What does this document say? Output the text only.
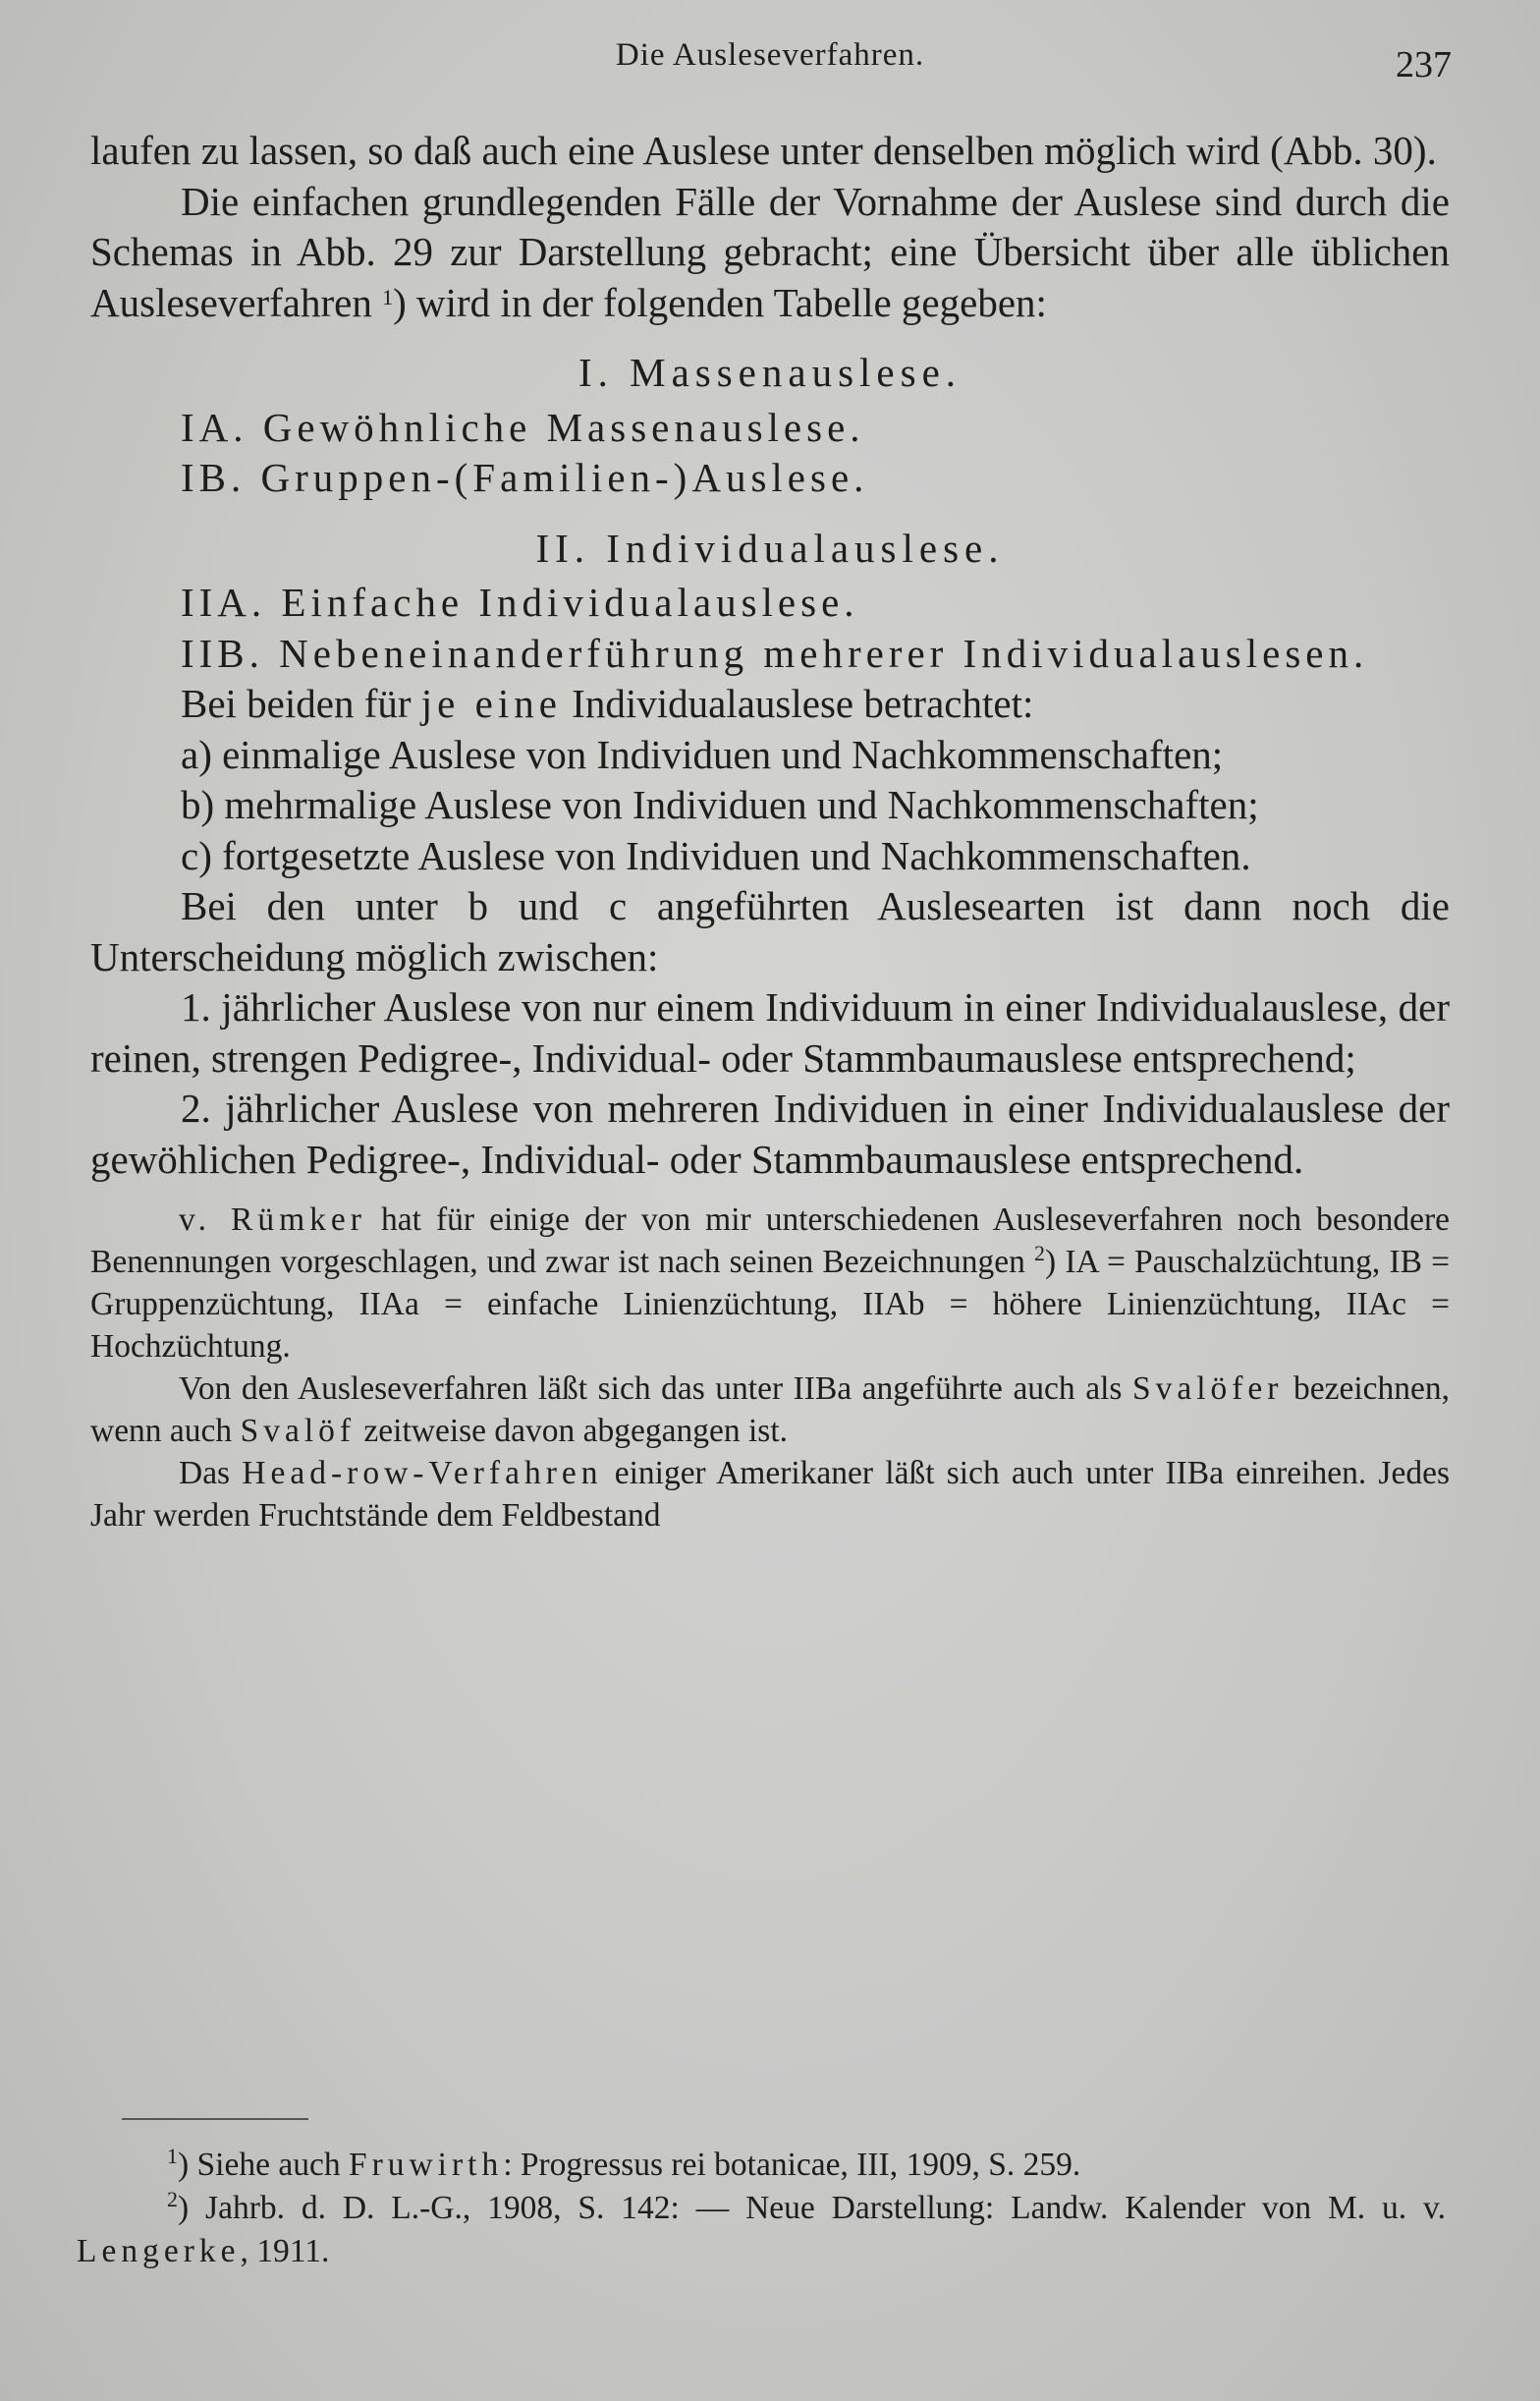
Die Ausleseverfahren.	237

laufen zu lassen, so daß auch eine Auslese unter denselben möglich wird (Abb. 30).

Die einfachen grundlegenden Fälle der Vornahme der Auslese sind durch die Schemas in Abb. 29 zur Darstellung gebracht; eine Übersicht über alle üblichen Ausleseverfahren $^1$) wird in der folgenden Tabelle gegeben:

I. Massenauslese.

IA. Gewöhnliche Massenauslese.

IB. Gruppen-(Familien-)Auslese.

II. Individualauslese.

IIA. Einfache Individualauslese.

IIB. Nebeneinanderführung mehrerer Individualauslesen.

Bei beiden für je eine Individualauslese betrachtet:

a) einmalige Auslese von Individuen und Nachkommenschaften;

b) mehrmalige Auslese von Individuen und Nachkommenschaften;

c) fortgesetzte Auslese von Individuen und Nachkommenschaften.

Bei den unter b und c angeführten Auslesearten ist dann noch die Unterscheidung möglich zwischen:

1. jährlicher Auslese von nur einem Individuum in einer Individualauslese, der reinen, strengen Pedigree-, Individual- oder Stammbaumauslese entsprechend;

2. jährlicher Auslese von mehreren Individuen in einer Individualauslese der gewöhlichen Pedigree-, Individual- oder Stammbaumauslese entsprechend.

v. Rümker hat für einige der von mir unterschiedenen Ausleseverfahren noch besondere Benennungen vorgeschlagen, und zwar ist nach seinen Bezeichnungen $^2$) IA = Pauschalzüchtung, IB = Gruppenzüchtung, IIAa = einfache Linienzüchtung, IIAb = höhere Linienzüchtung, IIAc = Hochzüchtung.

Von den Ausleseverfahren läßt sich das unter IIBa angeführte auch als Svalöfer bezeichnen, wenn auch Svalöf zeitweise davon abgegangen ist.

Das Head-row-Verfahren einiger Amerikaner läßt sich auch unter IIBa einreihen. Jedes Jahr werden Fruchtstände dem Feldbestand

$^1$) Siehe auch Fruwirth: Progressus rei botanicae, III, 1909, S. 259.
$^2$) Jahrb. d. D. L.-G., 1908, S. 142: — Neue Darstellung: Landw. Kalender von M. u. v. Lengerke, 1911.
